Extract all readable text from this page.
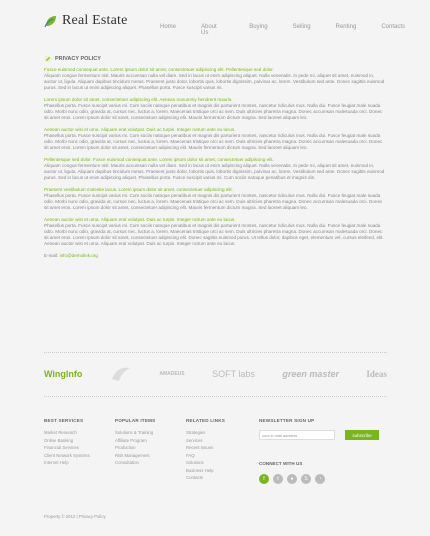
Real Estate	Home	About Us
Buying	Selling	Renting	Contacts
PRIVACY POLICY
Fusce euismod consequat ante. Lorem ipsum dolor sit amet, consectetuer adipiscing elit. Pellentesque sed dolor.
Aliquam congue fermentum nisl. Mauris accumsan nulla vel diam. Sed in lacus ut enim adipiscing aliquet. Nulla venenatis. In pede mi, aliquet sit amet, euismod in, auctor ut, ligula. Aliquam dapibus tincidunt metus. Praesent justo dolor, lobortis quis, lobortis dignissim, pulvinar ac, lorem. Vestibulum sed ante. Donec sagittis euismod purus. Sed in lacus ut enim adipiscing aliquet. Phasellus porta. Fusce suscipit varius mi.
Lorem ipsum dolor sit amet, consectetuer adipiscing elit. Aenean nonummy hendrerit mauris.
Phasellus porta. Fusce suscipit varius mi. Cum sociis natoque penatibus et magnis dis parturient montes, nascetur ridiculus mus. Nulla dui. Fusce feugiat male suada odio. Morbi nunc odio, gravida at, cursus nec, luctus a, lorem. Maecenas tristique orci ac sem. Duis ultricies pharetra magna. Donec accumsan malesuada orci. Donec sit amet eros. Lorem ipsum dolor sit amet, consectetuer adipiscing elit. Mauris fermentum dictum magna. Sed laoreet aliquam leo.
Aenean auctor wisi et urna. Aliquam erat volutpat. Duis ac turpis. Integer rutrum ante eu lacus.
Phasellus porta. Fusce suscipit varius mi. Cum sociis natoque penatibus et magnis dis parturient montes, nascetur ridiculus mus. Nulla dui. Fusce feugiat male suada odio. Morbi nunc odio, gravida at, cursus nec, luctus a, lorem. Maecenas tristique orci ac sem. Duis ultricies pharetra magna. Donec accumsan malesuada orci. Donec sit amet eros. Lorem ipsum dolor sit amet, consectetuer adipiscing elit. Mauris fermentum dictum magna. Sed laoreet aliquam leo.
Pellentesque sed dolor. Fusce euismod consequat ante. Lorem ipsum dolor sit amet, consectetuer adipiscing elit.
Aliquam congue fermentum nisl. Mauris accumsan nulla vel diam. Sed in lacus ut enim adipiscing aliquet. Nulla venenatis. In pede mi, aliquet sit amet, euismod in, auctor ut, ligula. Aliquam dapibus tincidunt metus. Praesent justo dolor, lobortis quis, lobortis dignissim, pulvinar ac, lorem. Vestibulum sed ante. Donec sagittis euismod purus. Sed in lacus ut enim adipiscing aliquet. Phasellus porta. Fusce suscipit varius mi. Cum sociis natoque penatibus et magnis dis.
Praesent vestibulum molestie lacus. Lorem ipsum dolor sit amet, consectetuer adipiscing elit.
Phasellus porta. Fusce suscipit varius mi. Cum sociis natoque penatibus et magnis dis parturient montes, nascetur ridiculus mus. Nulla dui. Fusce feugiat male suada odio. Morbi nunc odio, gravida at, cursus nec, luctus a, lorem. Maecenas tristique orci ac sem. Duis ultricies pharetra magna. Donec accumsan malesuada orci. Donec sit amet eros. Lorem ipsum dolor sit amet, consectetuer adipiscing elit. Mauris fermentum dictum magna. Sed laoreet aliquam leo.
Aenean auctor wisi et urna. Aliquam erat volutpat. Duis ac turpis. Integer rutrum ante eu lacus.
Phasellus porta. Fusce suscipit varius mi. Cum sociis natoque penatibus et magnis dis parturient montes, nascetur ridiculus mus. Nulla dui. Fusce feugiat male suada odio. Morbi nunc odio, gravida at, cursus nec, luctus a, lorem. Maecenas tristique orci ac sem. Duis ultricies pharetra magna. Donec accumsan malesuada orci. Donec sit amet eros. Lorem ipsum dolor sit amet, consectetuer adipiscing elit. Donec sagittis euismod purus. Ut tellus dolor, dapibus eget, elementum vel, cursus eleifend, elit. Aenean auctor wisi et urna. Aliquam erat volutpat. Duis ac turpis. Integer rutrum ante eu lacus.
E-mail: info@demolink.org
WingInfo	AMADEUS	SOFT labs	green master	Ideas
BEST SERVICES
Market Research
Online Banking
Financial Services
Client Network Systems
Internet Help
POPULAR ITEMS
Solutions & Training
Affiliate Program
Production
Risk Management
Consultation
RELATED LINKS
Strategies
Services
Recent Issues
FAQ
Solutions
Business Help
Contacts
NEWSLETTER SIGN UP
your e-mail address	subscribe
CONNECT WITH US
f	t	●	S	◔
Property © 2012 | Privacy Policy
